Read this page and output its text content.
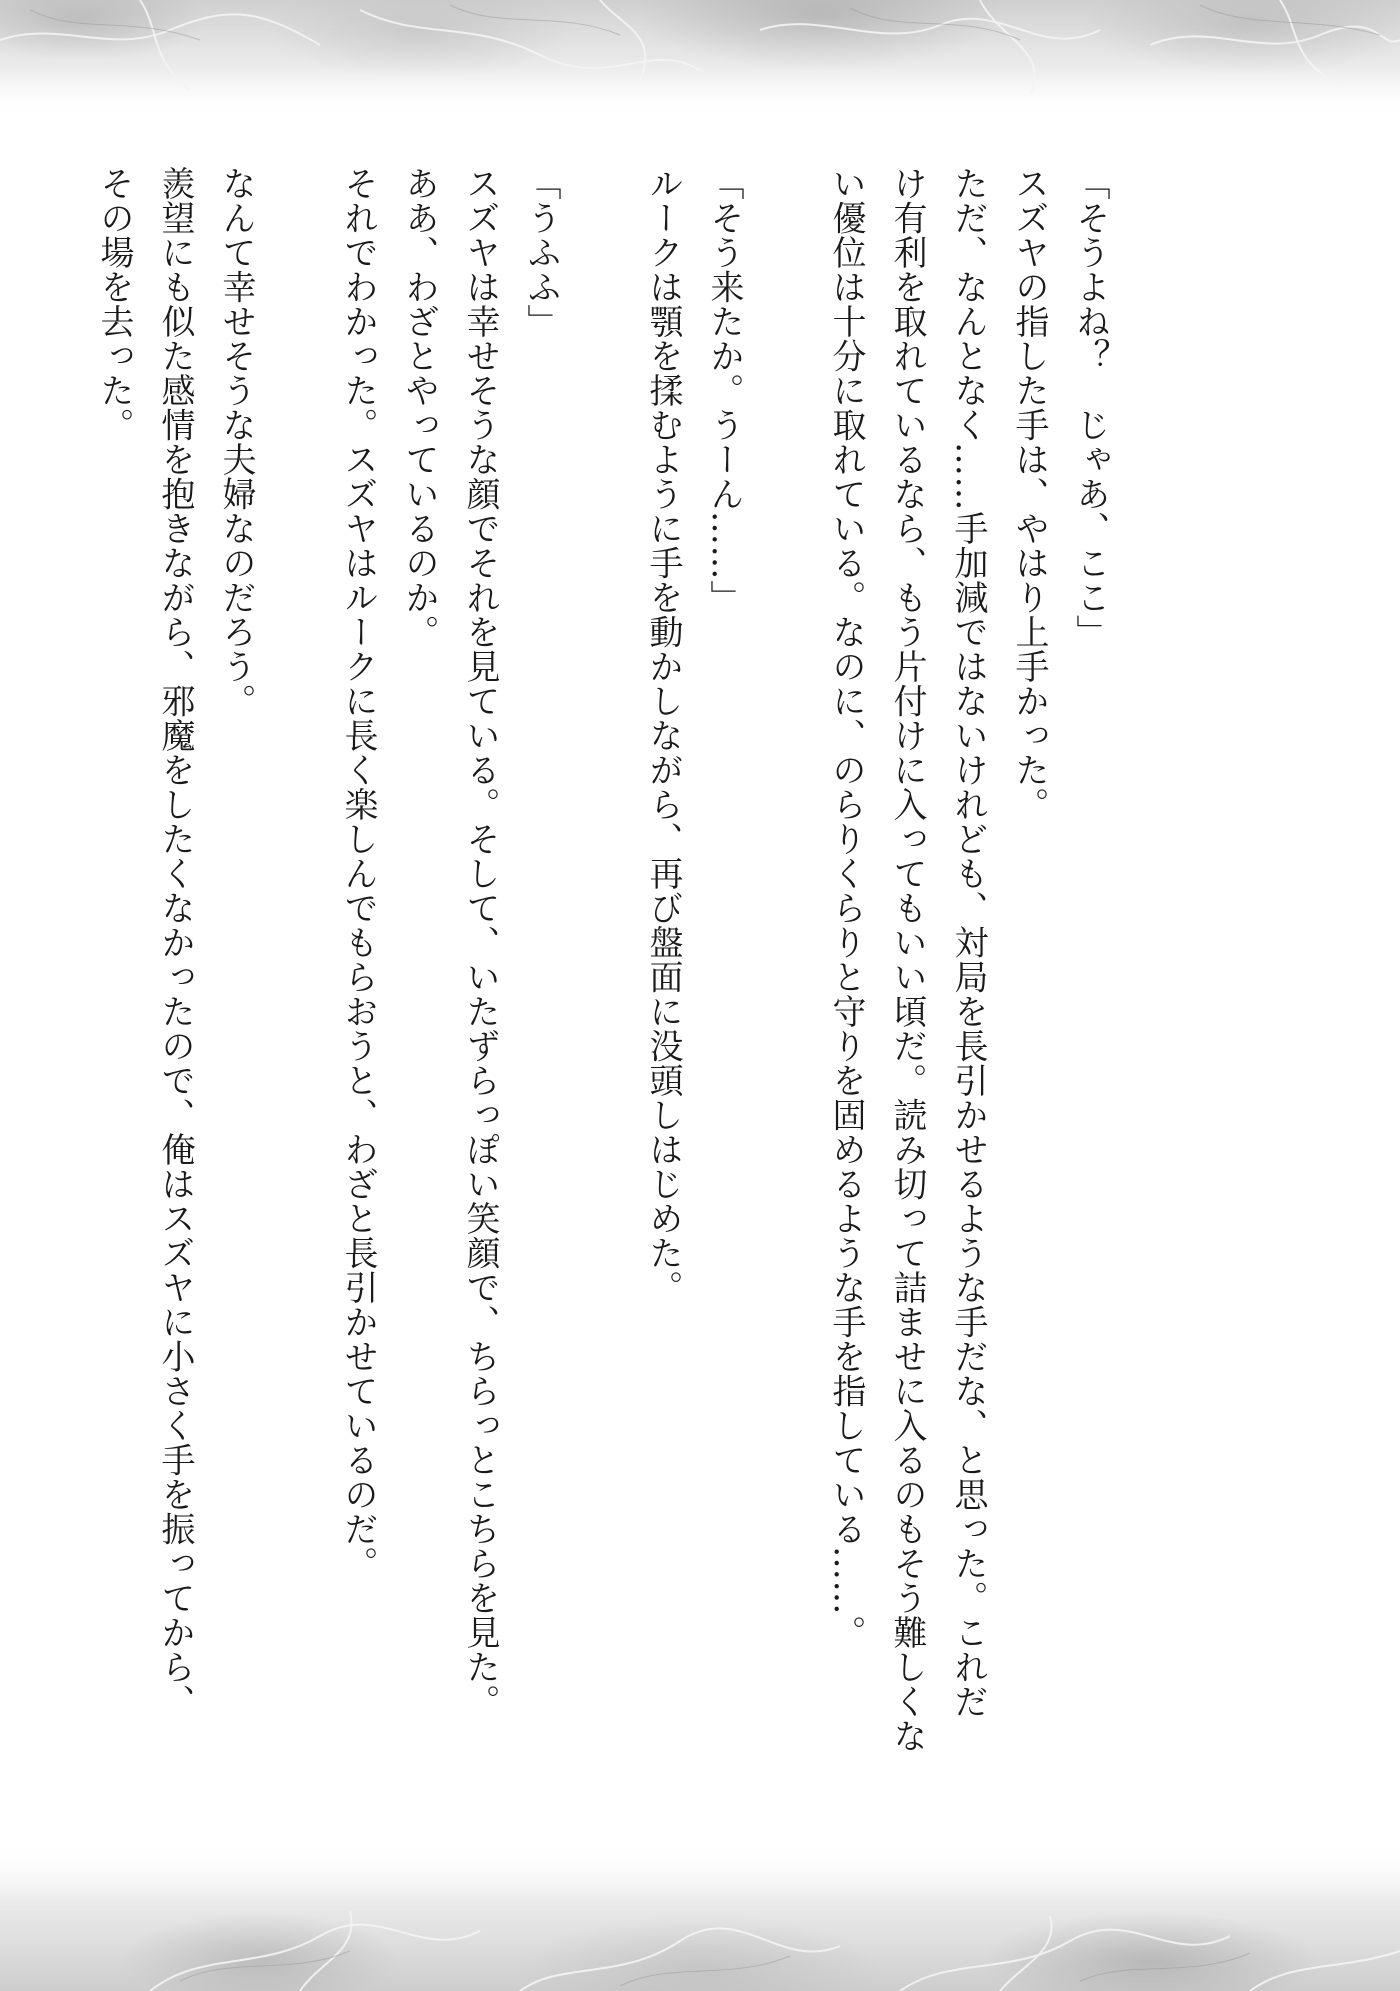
「そうよね？　じゃあ、ここ」

スズヤの指した手は、やはり上手かった。

ただ、なんとなく……手加減ではないけれども、対局を長引かせるような手だな、と思った。これだ

け有利を取れているなら、もう片付けに入ってもいい頃だ。読み切って詰ませに入るのもそう難しくな

い優位は十分に取れている。なのに、のらりくらりと守りを固めるような手を指している……。

「そう来たか。うーん……」

ルークは顎を揉むように手を動かしながら、再び盤面に没頭しはじめた。

「うふふ」

スズヤは幸せそうな顔でそれを見ている。そして、いたずらっぽい笑顔で、ちらっとこちらを見た。

ああ、わざとやっているのか。

それでわかった。スズヤはルークに長く楽しんでもらおうと、わざと長引かせているのだ。

なんて幸せそうな夫婦なのだろう。

羨望にも似た感情を抱きながら、邪魔をしたくなかったので、俺はスズヤに小さく手を振ってから、

その場を去った。
